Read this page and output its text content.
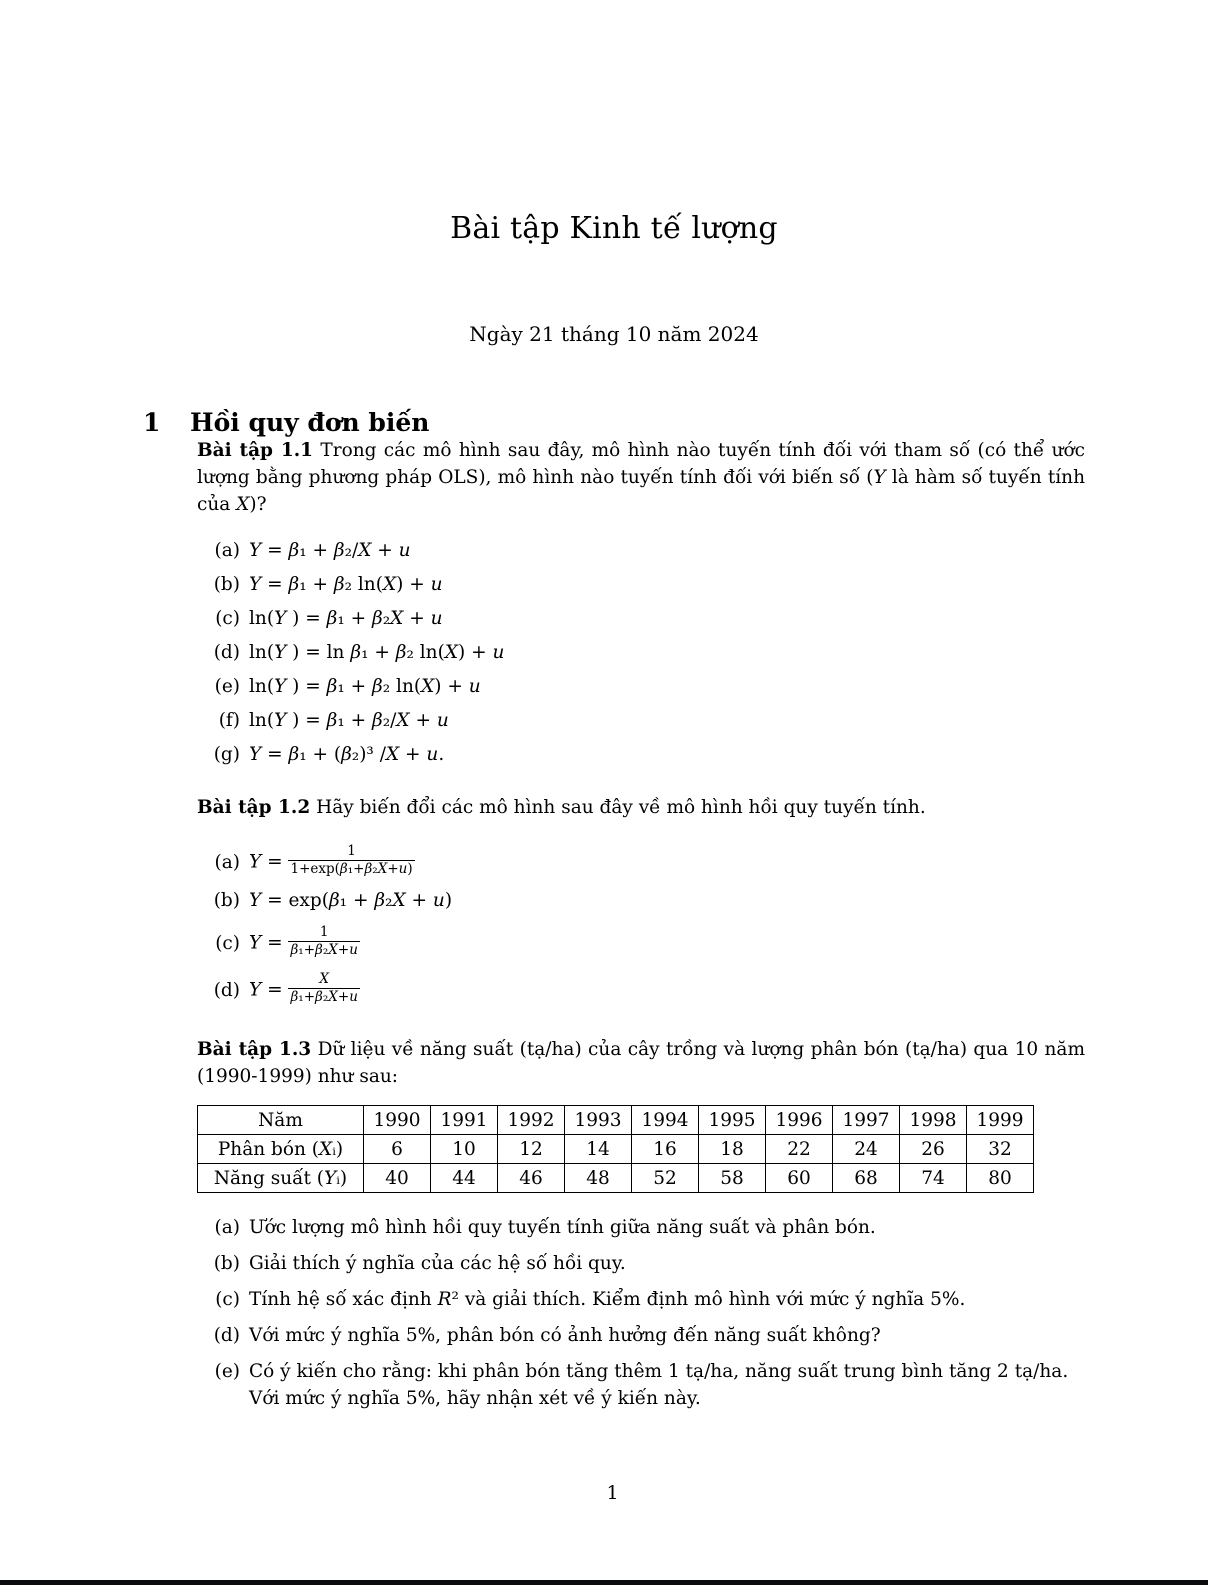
Bài tập Kinh tế lượng
Ngày 21 tháng 10 năm 2024
1 Hồi quy đơn biến

Bài tập 1.1 Trong các mô hình sau đây, mô hình nào tuyến tính đối với tham số (có thể ước lượng bằng phương pháp OLS), mô hình nào tuyến tính đối với biến số (Y là hàm số tuyến tính của X)?

(a) Y = β₁ + β₂/X + u
(b) Y = β₁ + β₂ ln(X) + u
(c) ln(Y ) = β₁ + β₂X + u
(d) ln(Y ) = ln β₁ + β₂ ln(X) + u
(e) ln(Y ) = β₁ + β₂ ln(X) + u
(f) ln(Y ) = β₁ + β₂/X + u
(g) Y = β₁ + (β₂)³ /X + u.

Bài tập 1.2 Hãy biến đổi các mô hình sau đây về mô hình hồi quy tuyến tính.

(a) $Y = \frac{1}{\text{1+exp(β₁+β₂X+u)}}$
(b) Y = exp(β₁ + β₂X + u)
(c) $Y = \frac{1}{\text{β₁+β₂X+u}}$
(d) $Y = \frac{X}{\text{β₁+β₂X+u}}$

Bài tập 1.3 Dữ liệu về năng suất (tạ/ha) của cây trồng và lượng phân bón (tạ/ha) qua 10 năm (1990-1999) như sau:

Năm	1990	1991	1992	1993	1994	1995	1996	1997	1998	1999
Phân bón (Xᵢ)	6	10	12	14	16	18	22	24	26	32
Năng suất (Yᵢ)	40	44	46	48	52	58	60	68	74	80
(a) Ước lượng mô hình hồi quy tuyến tính giữa năng suất và phân bón.
(b) Giải thích ý nghĩa của các hệ số hồi quy.
(c) Tính hệ số xác định R² và giải thích. Kiểm định mô hình với mức ý nghĩa 5%.
(d) Với mức ý nghĩa 5%, phân bón có ảnh hưởng đến năng suất không?
(e) Có ý kiến cho rằng: khi phân bón tăng thêm 1 tạ/ha, năng suất trung bình tăng 2 tạ/ha. Với mức ý nghĩa 5%, hãy nhận xét về ý kiến này.
1
